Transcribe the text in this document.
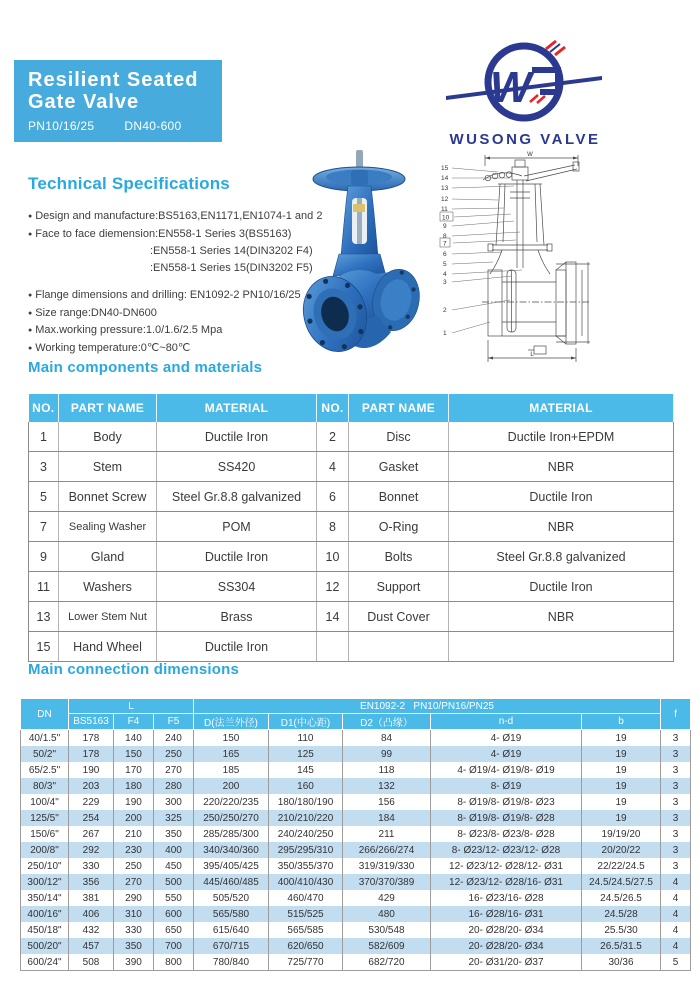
Resilient Seated
Gate Valve
PN10/16/25	DN40-600
W
WUSONG VALVE
Technical Specifications
● Design and manufacture:BS5163,EN1171,EN1074-1 and 2
● Face to face diemension:EN558-1 Series 3(BS5163)
:EN558-1 Series 14(DIN3202 F4)
:EN558-1 Series 15(DIN3202 F5)
● Flange dimensions and drilling: EN1092-2 PN10/16/25
● Size range:DN40-DN600
● Max.working pressure:1.0/1.6/2.5 Mpa
● Working temperature:0℃~80℃
W
L
15
14
13
12
11
10
9
8
7
6
5
4
3
2
1
Main components and materials
NO.	PART NAME	MATERIAL	NO.	PART NAME	MATERIAL
1	Body	Ductile Iron	2	Disc	Ductile Iron+EPDM
3	Stem	SS420	4	Gasket	NBR
5	Bonnet Screw	Steel Gr.8.8 galvanized	6	Bonnet	Ductile Iron
7	Sealing Washer	POM	8	O-Ring	NBR
9	Gland	Ductile Iron	10	Bolts	Steel Gr.8.8 galvanized
11	Washers	SS304	12	Support	Ductile Iron
13	Lower Stem Nut	Brass	14	Dust Cover	NBR
15	Hand Wheel	Ductile Iron			
Main connection dimensions
DN	L			EN1092-2   PN10/PN16/PN25					f
	BS5163	F4	F5	D(法兰外径)	D1(中心距)	D2（凸缘）	n-d	b	
40/1.5"	178	140	240	150	110	84	4- Ø19	19	3
50/2"	178	150	250	165	125	99	4- Ø19	19	3
65/2.5"	190	170	270	185	145	118	4- Ø19/4- Ø19/8- Ø19	19	3
80/3"	203	180	280	200	160	132	8- Ø19	19	3
100/4"	229	190	300	220/220/235	180/180/190	156	8- Ø19/8- Ø19/8- Ø23	19	3
125/5"	254	200	325	250/250/270	210/210/220	184	8- Ø19/8- Ø19/8- Ø28	19	3
150/6"	267	210	350	285/285/300	240/240/250	211	8- Ø23/8- Ø23/8- Ø28	19/19/20	3
200/8"	292	230	400	340/340/360	295/295/310	266/266/274	8- Ø23/12- Ø23/12- Ø28	20/20/22	3
250/10"	330	250	450	395/405/425	350/355/370	319/319/330	12- Ø23/12- Ø28/12- Ø31	22/22/24.5	3
300/12"	356	270	500	445/460/485	400/410/430	370/370/389	12- Ø23/12- Ø28/16- Ø31	24.5/24.5/27.5	4
350/14"	381	290	550	505/520	460/470	429	16- Ø23/16- Ø28	24.5/26.5	4
400/16"	406	310	600	565/580	515/525	480	16- Ø28/16- Ø31	24.5/28	4
450/18"	432	330	650	615/640	565/585	530/548	20- Ø28/20- Ø34	25.5/30	4
500/20"	457	350	700	670/715	620/650	582/609	20- Ø28/20- Ø34	26.5/31.5	4
600/24"	508	390	800	780/840	725/770	682/720	20- Ø31/20- Ø37	30/36	5
